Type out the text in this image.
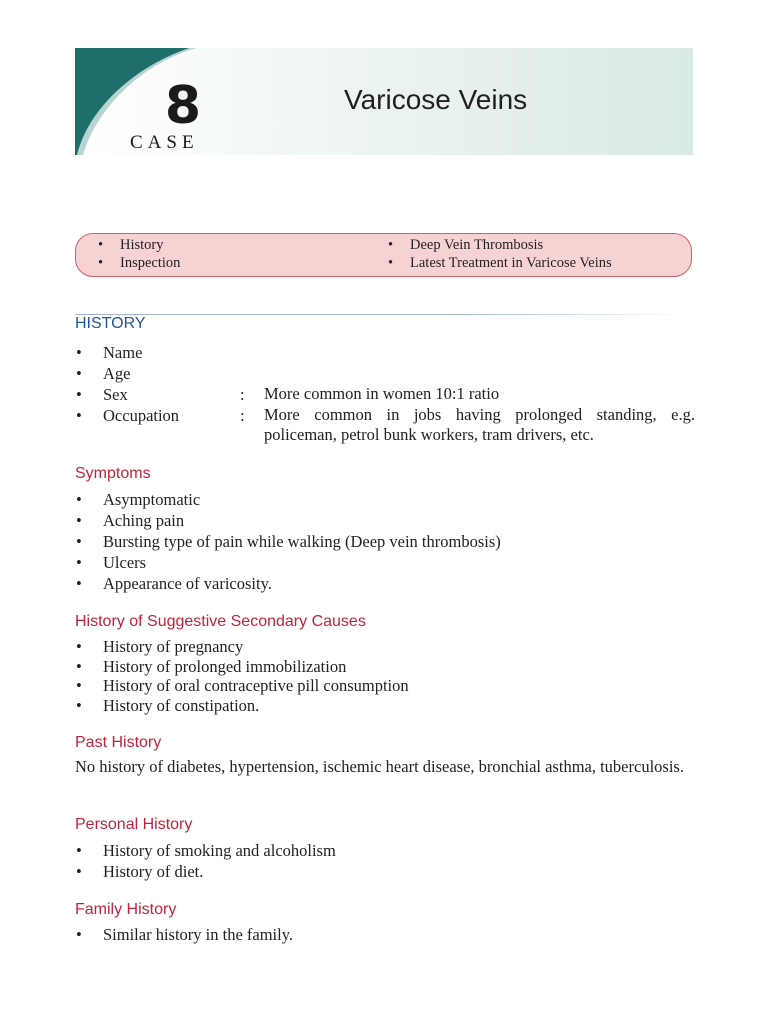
8
CASE
Varicose Veins
• History
• Inspection
• Deep Vein Thrombosis
• Latest Treatment in Varicose Veins
HISTORY
•	Name
•	Age
•	Sex	:	More common in women 10:1 ratio
•	Occupation	:	More common in jobs having prolonged standing, e.g. policeman, petrol bunk workers, tram drivers, etc.
Symptoms
• Asymptomatic
• Aching pain
• Bursting type of pain while walking (Deep vein thrombosis)
• Ulcers
• Appearance of varicosity.
History of Suggestive Secondary Causes
• History of pregnancy
• History of prolonged immobilization
• History of oral contraceptive pill consumption
• History of constipation.
Past History

No history of diabetes, hypertension, ischemic heart disease, bronchial asthma, tuberculosis.

Personal History
• History of smoking and alcoholism
• History of diet.
Family History
• Similar history in the family.
